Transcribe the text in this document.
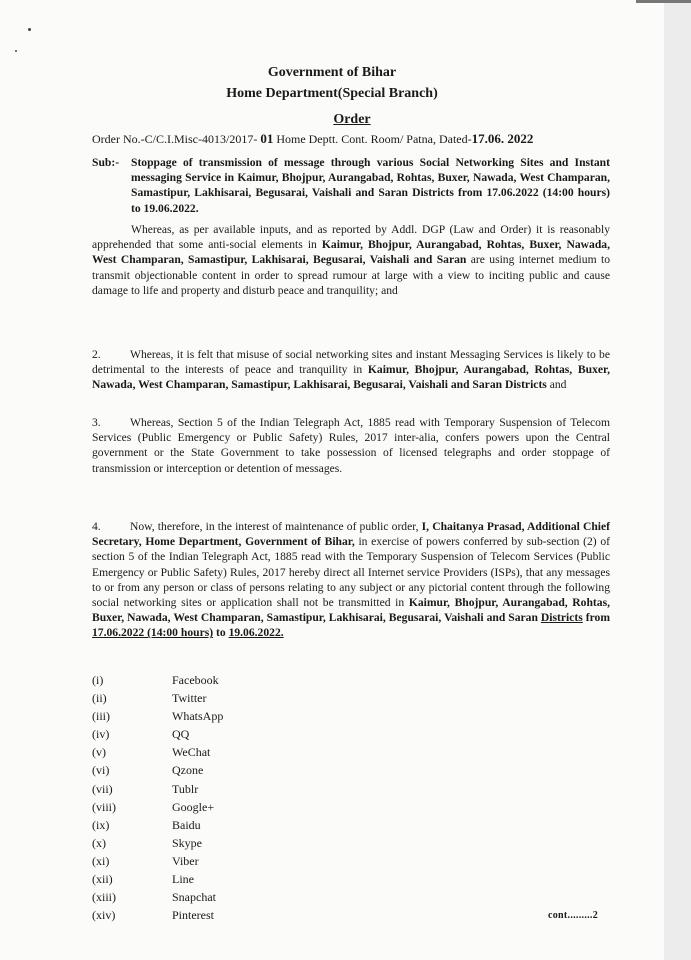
Government of Bihar
Home Department(Special Branch)
Order
Order No.-C/C.I.Misc-4013/2017- 01 Home Deptt. Cont. Room/ Patna, Dated-17.06. 2022
Sub:-	Stoppage of transmission of message through various Social Networking Sites and Instant messaging Service in Kaimur, Bhojpur, Aurangabad, Rohtas, Buxer, Nawada, West Champaran, Samastipur, Lakhisarai, Begusarai, Vaishali and Saran Districts from 17.06.2022 (14:00 hours) to 19.06.2022.
Whereas, as per available inputs, and as reported by Addl. DGP (Law and Order) it is reasonably apprehended that some anti-social elements in Kaimur, Bhojpur, Aurangabad, Rohtas, Buxer, Nawada, West Champaran, Samastipur, Lakhisarai, Begusarai, Vaishali and Saran are using internet medium to transmit objectionable content in order to spread rumour at large with a view to inciting public and cause damage to life and property and disturb peace and tranquility; and
2.	Whereas, it is felt that misuse of social networking sites and instant Messaging Services is likely to be detrimental to the interests of peace and tranquility in Kaimur, Bhojpur, Aurangabad, Rohtas, Buxer, Nawada, West Champaran, Samastipur, Lakhisarai, Begusarai, Vaishali and Saran Districts and
3.	Whereas, Section 5 of the Indian Telegraph Act, 1885 read with Temporary Suspension of Telecom Services (Public Emergency or Public Safety) Rules, 2017 inter-alia, confers powers upon the Central government or the State Government to take possession of licensed telegraphs and order stoppage of transmission or interception or detention of messages.
4.	Now, therefore, in the interest of maintenance of public order, I, Chaitanya Prasad, Additional Chief Secretary, Home Department, Government of Bihar, in exercise of powers conferred by sub-section (2) of section 5 of the Indian Telegraph Act, 1885 read with the Temporary Suspension of Telecom Services (Public Emergency or Public Safety) Rules, 2017 hereby direct all Internet service Providers (ISPs), that any messages to or from any person or class of persons relating to any subject or any pictorial content through the following social networking sites or application shall not be transmitted in Kaimur, Bhojpur, Aurangabad, Rohtas, Buxer, Nawada, West Champaran, Samastipur, Lakhisarai, Begusarai, Vaishali and Saran Districts from 17.06.2022 (14:00 hours) to 19.06.2022.
(i)	Facebook
(ii)	Twitter
(iii)	WhatsApp
(iv)	QQ
(v)	WeChat
(vi)	Qzone
(vii)	Tublr
(viii)	Google+
(ix)	Baidu
(x)	Skype
(xi)	Viber
(xii)	Line
(xiii)	Snapchat
(xiv)	Pinterest	cont.........2
